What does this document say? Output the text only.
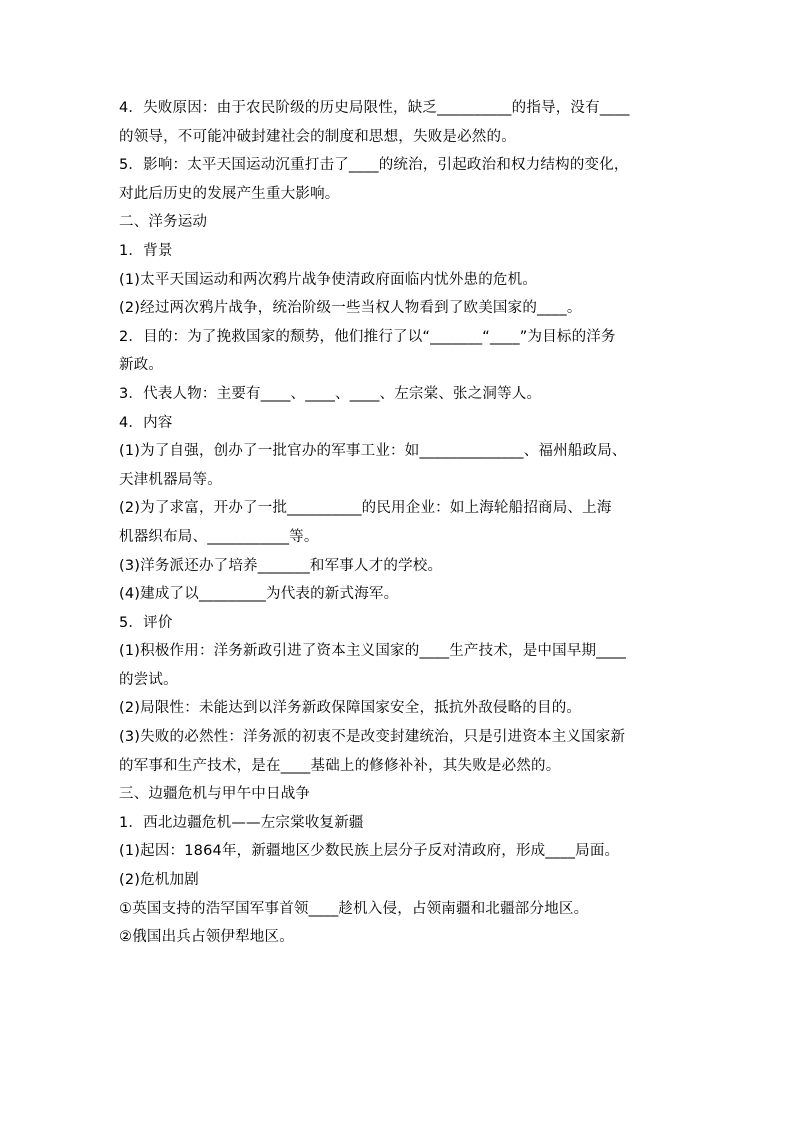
4．失败原因：由于农民阶级的历史局限性，缺乏__________的指导，没有____
的领导，不可能冲破封建社会的制度和思想，失败是必然的。
5．影响：太平天国运动沉重打击了____的统治，引起政治和权力结构的变化，
对此后历史的发展产生重大影响。
二、洋务运动
1．背景
(1)太平天国运动和两次鸦片战争使清政府面临内忧外患的危机。
(2)经过两次鸦片战争，统治阶级一些当权人物看到了欧美国家的____。
2．目的：为了挽救国家的颓势，他们推行了以“_______“____”为目标的洋务
新政。
3．代表人物：主要有____、____、____、左宗棠、张之洞等人。
4．内容
(1)为了自强，创办了一批官办的军事工业：如______________、福州船政局、
天津机器局等。
(2)为了求富，开办了一批__________的民用企业：如上海轮船招商局、上海
机器织布局、___________等。
(3)洋务派还办了培养_______和军事人才的学校。
(4)建成了以_________为代表的新式海军。
5．评价
(1)积极作用：洋务新政引进了资本主义国家的____生产技术，是中国早期____
的尝试。
(2)局限性：未能达到以洋务新政保障国家安全，抵抗外敌侵略的目的。
(3)失败的必然性：洋务派的初衷不是改变封建统治，只是引进资本主义国家新
的军事和生产技术，是在____基础上的修修补补，其失败是必然的。
三、边疆危机与甲午中日战争
1．西北边疆危机——左宗棠收复新疆
(1)起因：1864年，新疆地区少数民族上层分子反对清政府，形成____局面。
(2)危机加剧
①英国支持的浩罕国军事首领____趁机入侵，占领南疆和北疆部分地区。
②俄国出兵占领伊犁地区。
